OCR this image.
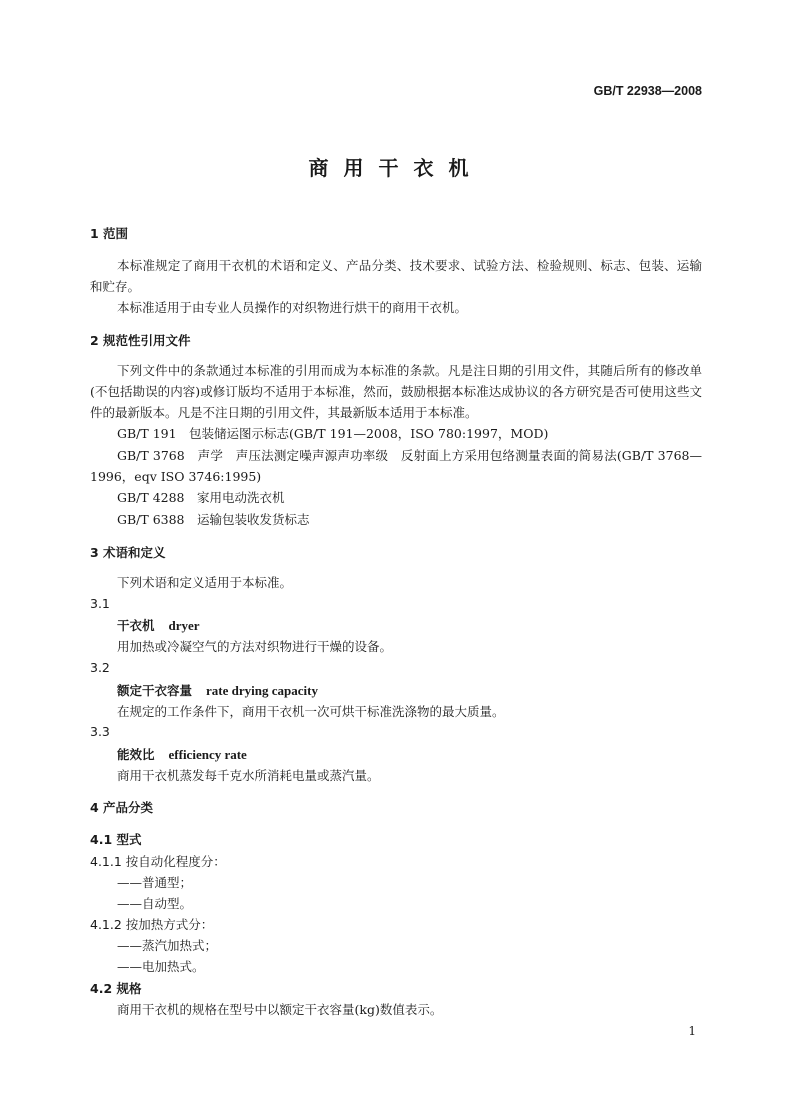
GB/T 22938—2008
商用干衣机
1 范围
本标准规定了商用干衣机的术语和定义、产品分类、技术要求、试验方法、检验规则、标志、包装、运输和贮存。
本标准适用于由专业人员操作的对织物进行烘干的商用干衣机。
2 规范性引用文件
下列文件中的条款通过本标准的引用而成为本标准的条款。凡是注日期的引用文件，其随后所有的修改单(不包括勘误的内容)或修订版均不适用于本标准，然而，鼓励根据本标准达成协议的各方研究是否可使用这些文件的最新版本。凡是不注日期的引用文件，其最新版本适用于本标准。
GB/T 191　包装储运图示标志(GB/T 191—2008，ISO 780:1997，MOD)
GB/T 3768　声学　声压法测定噪声源声功率级　反射面上方采用包络测量表面的简易法(GB/T 3768—1996，eqv ISO 3746:1995)
GB/T 4288　家用电动洗衣机
GB/T 6388　运输包装收发货标志
3 术语和定义
下列术语和定义适用于本标准。
3.1
干衣机 dryer
用加热或冷凝空气的方法对织物进行干燥的设备。
3.2
额定干衣容量 rate drying capacity
在规定的工作条件下，商用干衣机一次可烘干标准洗涤物的最大质量。
3.3
能效比 efficiency rate
商用干衣机蒸发每千克水所消耗电量或蒸汽量。
4 产品分类
4.1 型式
4.1.1 按自动化程度分：
——普通型；
——自动型。
4.1.2 按加热方式分：
——蒸汽加热式；
——电加热式。
4.2 规格
商用干衣机的规格在型号中以额定干衣容量(kg)数值表示。
1
